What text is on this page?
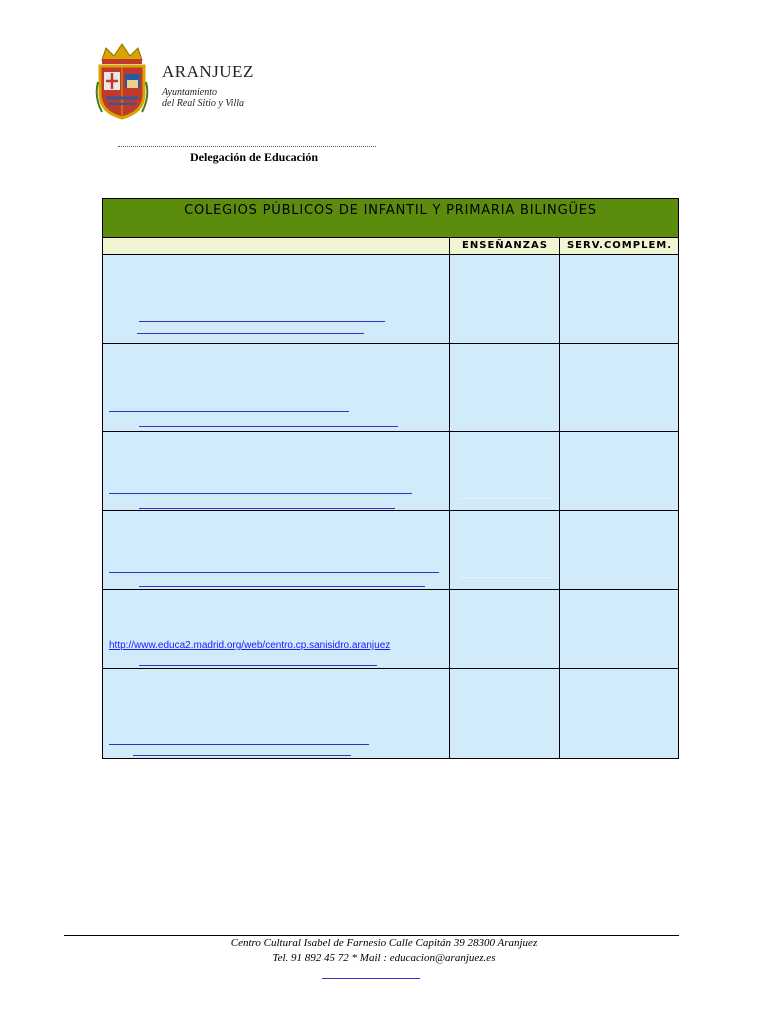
ARANJUEZ
Ayuntamiento
del Real Sitio y Villa
Delegación de Educación
COLEGIOS PÚBLICOS DE INFANTIL Y PRIMARIA BILINGÜES
ENSEÑANZAS	SERV.COMPLEM.
http://www.educa2.madrid.org/web/centro.cp.sanisidro.aranjuez
Centro Cultural Isabel de Farnesio Calle Capitán 39 28300 Aranjuez
Tel. 91 892 45 72 * Mail : educacion@aranjuez.es
